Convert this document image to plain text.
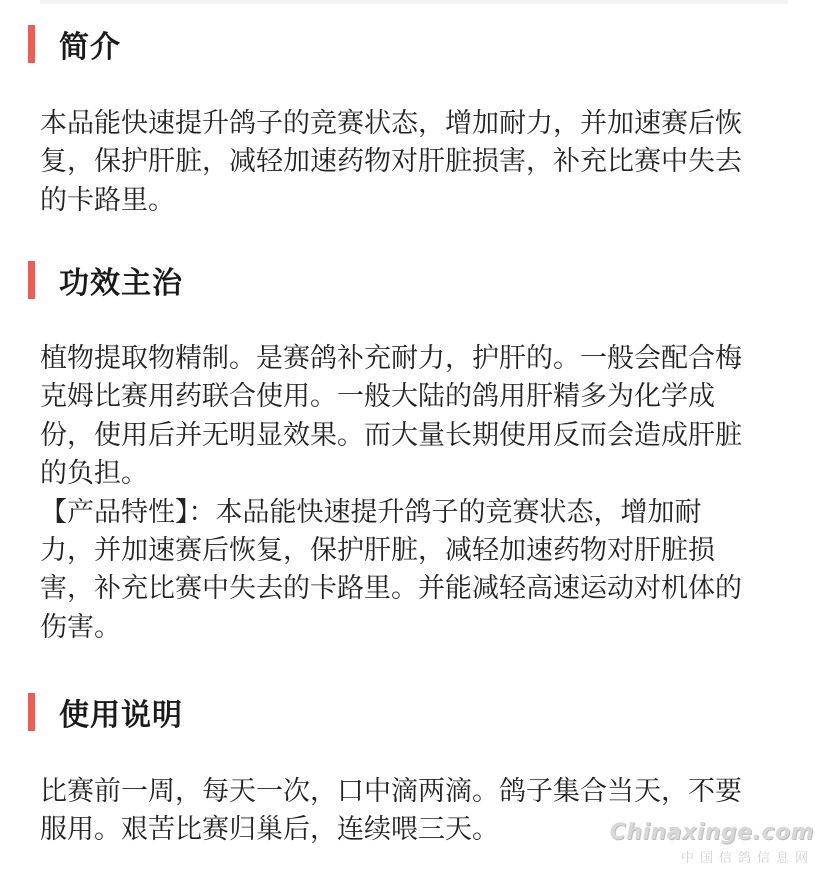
简介
本品能快速提升鸽子的竞赛状态，增加耐力，并加速赛后恢
复，保护肝脏，减轻加速药物对肝脏损害，补充比赛中失去
的卡路里。
功效主治
植物提取物精制。是赛鸽补充耐力，护肝的。一般会配合梅
克姆比赛用药联合使用。一般大陆的鸽用肝精多为化学成
份，使用后并无明显效果。而大量长期使用反而会造成肝脏
的负担。
【产品特性】：本品能快速提升鸽子的竞赛状态，增加耐
力，并加速赛后恢复，保护肝脏，减轻加速药物对肝脏损
害，补充比赛中失去的卡路里。并能减轻高速运动对机体的
伤害。
使用说明
比赛前一周，每天一次，口中滴两滴。鸽子集合当天，不要
服用。艰苦比赛归巢后，连续喂三天。	Chinaxinge.com
中国信鸽信息网
